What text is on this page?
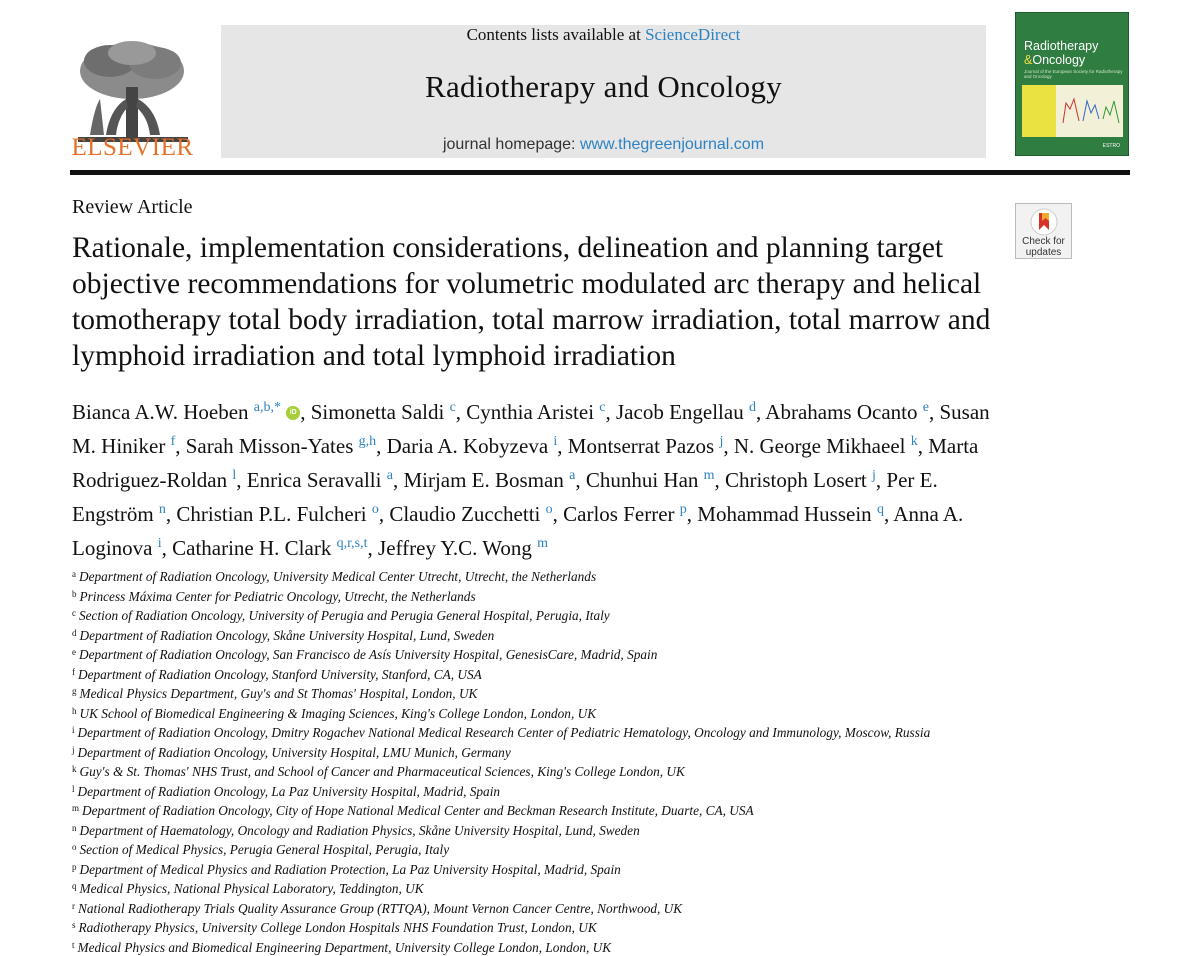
ELSEVIER
Contents lists available at ScienceDirect
Radiotherapy and Oncology
journal homepage: www.thegreenjournal.com
Radiotherapy
&Oncology
Journal of the European Society for Radiotherapy and Oncology
ESTRO
Review Article
Check for
updates
Rationale, implementation considerations, delineation and planning target objective recommendations for volumetric modulated arc therapy and helical tomotherapy total body irradiation, total marrow irradiation, total marrow and lymphoid irradiation and total lymphoid irradiation
Bianca A.W. Hoeben $^{a,b,*}$ iD , Simonetta Saldi $^c$, Cynthia Aristei $^c$, Jacob Engellau $^d$, Abrahams Ocanto $^e$, Susan M. Hiniker $^f$, Sarah Misson-Yates $^{g,h}$, Daria A. Kobyzeva $^i$, Montserrat Pazos $^j$, N. George Mikhaeel $^k$, Marta Rodriguez-Roldan $^l$, Enrica Seravalli $^a$, Mirjam E. Bosman $^a$, Chunhui Han $^m$, Christoph Losert $^j$, Per E. Engström $^n$, Christian P.L. Fulcheri $^o$, Claudio Zucchetti $^o$, Carlos Ferrer $^p$, Mohammad Hussein $^q$, Anna A. Loginova $^i$, Catharine H. Clark $^{q,r,s,t}$, Jeffrey Y.C. Wong $^m$
$^a$ Department of Radiation Oncology, University Medical Center Utrecht, Utrecht, the Netherlands
$^b$ Princess Máxima Center for Pediatric Oncology, Utrecht, the Netherlands
$^c$ Section of Radiation Oncology, University of Perugia and Perugia General Hospital, Perugia, Italy
$^d$ Department of Radiation Oncology, Skåne University Hospital, Lund, Sweden
$^e$ Department of Radiation Oncology, San Francisco de Asís University Hospital, GenesisCare, Madrid, Spain
$^f$ Department of Radiation Oncology, Stanford University, Stanford, CA, USA
$^g$ Medical Physics Department, Guy's and St Thomas' Hospital, London, UK
$^h$ UK School of Biomedical Engineering & Imaging Sciences, King's College London, London, UK
$^i$ Department of Radiation Oncology, Dmitry Rogachev National Medical Research Center of Pediatric Hematology, Oncology and Immunology, Moscow, Russia
$^j$ Department of Radiation Oncology, University Hospital, LMU Munich, Germany
$^k$ Guy's & St. Thomas' NHS Trust, and School of Cancer and Pharmaceutical Sciences, King's College London, UK
$^l$ Department of Radiation Oncology, La Paz University Hospital, Madrid, Spain
$^m$ Department of Radiation Oncology, City of Hope National Medical Center and Beckman Research Institute, Duarte, CA, USA
$^n$ Department of Haematology, Oncology and Radiation Physics, Skåne University Hospital, Lund, Sweden
$^o$ Section of Medical Physics, Perugia General Hospital, Perugia, Italy
$^p$ Department of Medical Physics and Radiation Protection, La Paz University Hospital, Madrid, Spain
$^q$ Medical Physics, National Physical Laboratory, Teddington, UK
$^r$ National Radiotherapy Trials Quality Assurance Group (RTTQA), Mount Vernon Cancer Centre, Northwood, UK
$^s$ Radiotherapy Physics, University College London Hospitals NHS Foundation Trust, London, UK
$^t$ Medical Physics and Biomedical Engineering Department, University College London, London, UK
